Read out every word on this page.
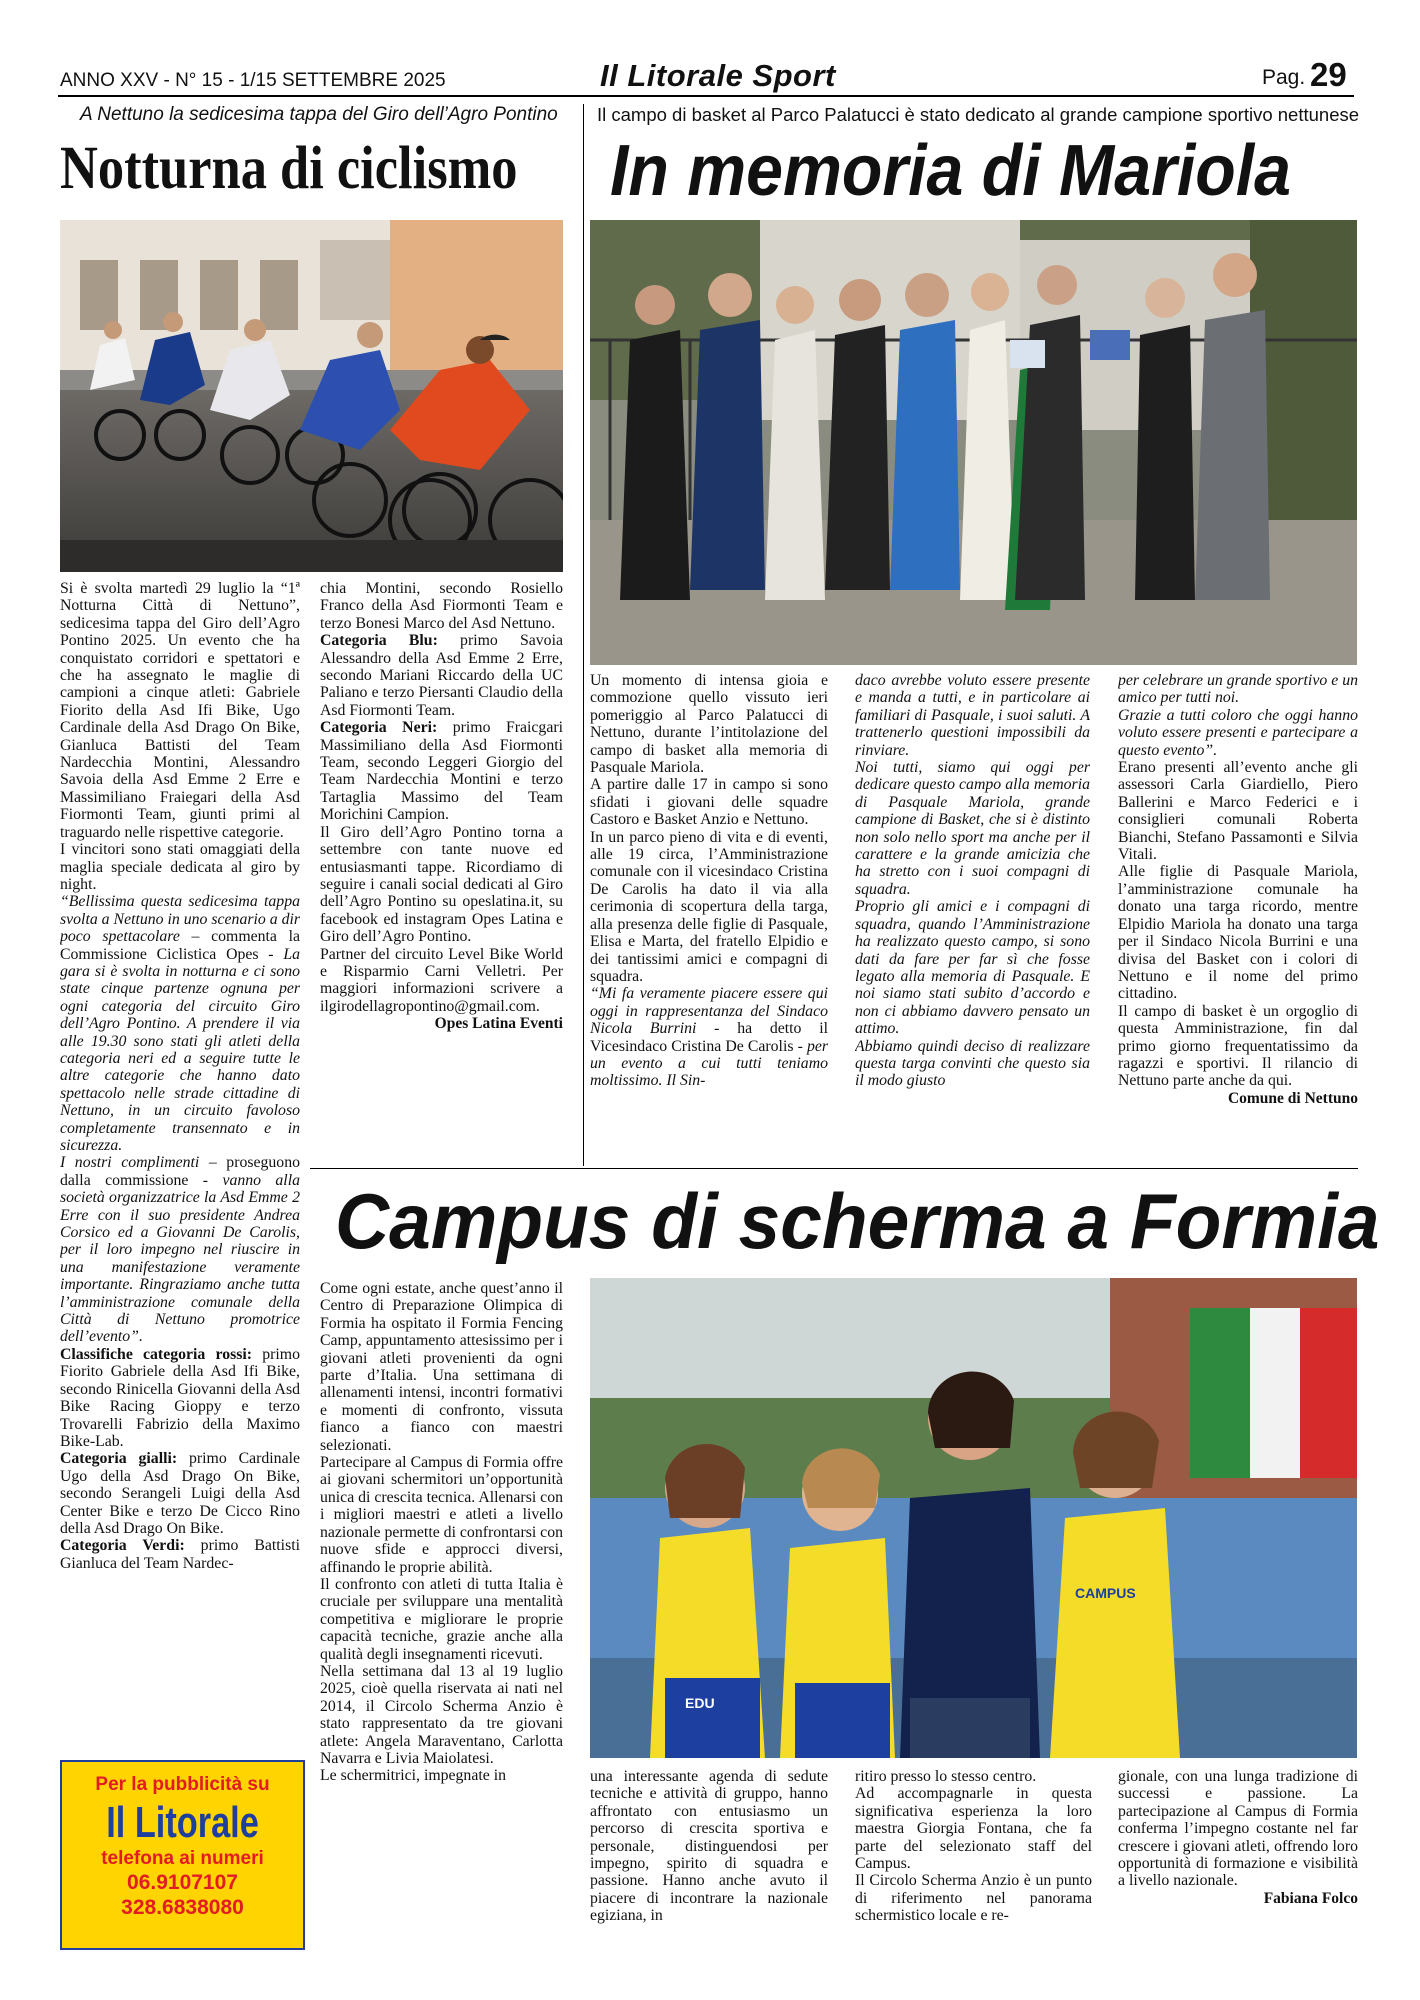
ANNO XXV - N° 15 - 1/15 SETTEMBRE 2025	Il Litorale Sport	Pag. 29
A Nettuno la sedicesima tappa del Giro dell’Agro Pontino
Notturna di ciclismo

Si è svolta martedì 29 luglio la “1ª Notturna Città di Nettuno”, sedicesima tappa del Giro dell’Agro Pontino 2025. Un evento che ha conquistato corridori e spettatori e che ha assegnato le maglie di campioni a cinque atleti: Gabriele Fiorito della Asd Ifi Bike, Ugo Cardinale della Asd Drago On Bike, Gianluca Battisti del Team Nardecchia Montini, Alessandro Savoia della Asd Emme 2 Erre e Massimiliano Fraiegari della Asd Fiormonti Team, giunti primi al traguardo nelle rispettive categorie.

I vincitori sono stati omaggiati della maglia speciale dedicata al giro by night.

“Bellissima questa sedicesima tappa svolta a Nettuno in uno scenario a dir poco spettacolare – commenta la Commissione Ciclistica Opes - La gara si è svolta in notturna e ci sono state cinque partenze ognuna per ogni categoria del circuito Giro dell’Agro Pontino. A prendere il via alle 19.30 sono stati gli atleti della categoria neri ed a seguire tutte le altre categorie che hanno dato spettacolo nelle strade cittadine di Nettuno, in un circuito favoloso completamente transennato e in sicurezza.

I nostri complimenti – proseguono dalla commissione - vanno alla società organizzatrice la Asd Emme 2 Erre con il suo presidente Andrea Corsico ed a Giovanni De Carolis, per il loro impegno nel riuscire in una manifestazione veramente importante. Ringraziamo anche tutta l’amministrazione comunale della Città di Nettuno promotrice dell’evento”.

Classifiche categoria rossi: primo Fiorito Gabriele della Asd Ifi Bike, secondo Rinicella Giovanni della Asd Bike Racing Gioppy e terzo Trovarelli Fabrizio della Maximo Bike-Lab.

Categoria gialli: primo Cardinale Ugo della Asd Drago On Bike, secondo Serangeli Luigi della Asd Center Bike e terzo De Cicco Rino della Asd Drago On Bike.

Categoria Verdi: primo Battisti Gianluca del Team Nardec-

chia Montini, secondo Rosiello Franco della Asd Fiormonti Team e terzo Bonesi Marco del Asd Nettuno.

Categoria Blu: primo Savoia Alessandro della Asd Emme 2 Erre, secondo Mariani Riccardo della UC Paliano e terzo Piersanti Claudio della Asd Fiormonti Team.

Categoria Neri: primo Fraicgari Massimiliano della Asd Fiormonti Team, secondo Leggeri Giorgio del Team Nardecchia Montini e terzo Tartaglia Massimo del Team Morichini Campion.

Il Giro dell’Agro Pontino torna a settembre con tante nuove ed entusiasmanti tappe. Ricordiamo di seguire i canali social dedicati al Giro dell’Agro Pontino su opeslatina.it, su facebook ed instagram Opes Latina e Giro dell’Agro Pontino.

Partner del circuito Level Bike World e Risparmio Carni Velletri. Per maggiori informazioni scrivere a ilgirodellagropontino@gmail.com.

Opes Latina Eventi

Il campo di basket al Parco Palatucci è stato dedicato al grande campione sportivo nettunese
In memoria di Mariola

Un momento di intensa gioia e commozione quello vissuto ieri pomeriggio al Parco Palatucci di Nettuno, durante l’intitolazione del campo di basket alla memoria di Pasquale Mariola.

A partire dalle 17 in campo si sono sfidati i giovani delle squadre Castoro e Basket Anzio e Nettuno.

In un parco pieno di vita e di eventi, alle 19 circa, l’Amministrazione comunale con il vicesindaco Cristina De Carolis ha dato il via alla cerimonia di scopertura della targa, alla presenza delle figlie di Pasquale, Elisa e Marta, del fratello Elpidio e dei tantissimi amici e compagni di squadra.

“Mi fa veramente piacere essere qui oggi in rappresentanza del Sindaco Nicola Burrini - ha detto il Vicesindaco Cristina De Carolis - per un evento a cui tutti teniamo moltissimo. Il Sin-

daco avrebbe voluto essere presente e manda a tutti, e in particolare ai familiari di Pasquale, i suoi saluti. A trattenerlo questioni impossibili da rinviare.

Noi tutti, siamo qui oggi per dedicare questo campo alla memoria di Pasquale Mariola, grande campione di Basket, che si è distinto non solo nello sport ma anche per il carattere e la grande amicizia che ha stretto con i suoi compagni di squadra.

Proprio gli amici e i compagni di squadra, quando l’Amministrazione ha realizzato questo campo, si sono dati da fare per far sì che fosse legato alla memoria di Pasquale. E noi siamo stati subito d’accordo e non ci abbiamo davvero pensato un attimo.

Abbiamo quindi deciso di realizzare questa targa convinti che questo sia il modo giusto

per celebrare un grande sportivo e un amico per tutti noi.

Grazie a tutti coloro che oggi hanno voluto essere presenti e partecipare a questo evento”.

Erano presenti all’evento anche gli assessori Carla Giardiello, Piero Ballerini e Marco Federici e i consiglieri comunali Roberta Bianchi, Stefano Passamonti e Silvia Vitali.

Alle figlie di Pasquale Mariola, l’amministrazione comunale ha donato una targa ricordo, mentre Elpidio Mariola ha donato una targa per il Sindaco Nicola Burrini e una divisa del Basket con i colori di Nettuno e il nome del primo cittadino.

Il campo di basket è un orgoglio di questa Amministrazione, fin dal primo giorno frequentatissimo da ragazzi e sportivi. Il rilancio di Nettuno parte anche da qui.

Comune di Nettuno

Campus di scherma a Formia

Come ogni estate, anche quest’anno il Centro di Preparazione Olimpica di Formia ha ospitato il Formia Fencing Camp, appuntamento attesissimo per i giovani atleti provenienti da ogni parte d’Italia. Una settimana di allenamenti intensi, incontri formativi e momenti di confronto, vissuta fianco a fianco con maestri selezionati.

Partecipare al Campus di Formia offre ai giovani schermitori un’opportunità unica di crescita tecnica. Allenarsi con i migliori maestri e atleti a livello nazionale permette di confrontarsi con nuove sfide e approcci diversi, affinando le proprie abilità.

Il confronto con atleti di tutta Italia è cruciale per sviluppare una mentalità competitiva e migliorare le proprie capacità tecniche, grazie anche alla qualità degli insegnamenti ricevuti.

Nella settimana dal 13 al 19 luglio 2025, cioè quella riservata ai nati nel 2014, il Circolo Scherma Anzio è stato rappresentato da tre giovani atlete: Angela Maraventano, Carlotta Navarra e Livia Maiolatesi.

Le schermitrici, impegnate in

CAMPUS
EDU

una interessante agenda di sedute tecniche e attività di gruppo, hanno affrontato con entusiasmo un percorso di crescita sportiva e personale, distinguendosi per impegno, spirito di squadra e passione. Hanno anche avuto il piacere di incontrare la nazionale egiziana, in

ritiro presso lo stesso centro.

Ad accompagnarle in questa significativa esperienza la loro maestra Giorgia Fontana, che fa parte del selezionato staff del Campus.

Il Circolo Scherma Anzio è un punto di riferimento nel panorama schermistico locale e re-

gionale, con una lunga tradizione di successi e passione. La partecipazione al Campus di Formia conferma l’impegno costante nel far crescere i giovani atleti, offrendo loro opportunità di formazione e visibilità a livello nazionale.

Fabiana Folco

Per la pubblicità su
Il Litorale
telefona ai numeri
06.9107107
328.6838080
